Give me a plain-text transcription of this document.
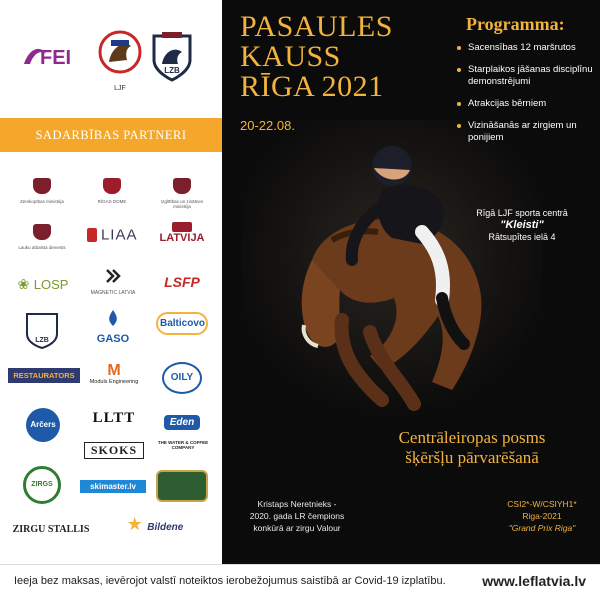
FEI
LJF
LZB
SADARBĪBAS PARTNERI
Zemkopības ministrija	RĪGAS DOME	Izglītības un zinātnes ministrija
Lauku atbalsta dienests
LIAA	LATVIJA
❀ LOSP
MAGNETIC LATVIA
LSFP
LZB	GASO
Balticovo
RESTAURATORS	M
Moduls Engineering	OILY
Arčers	LLTT	Eden
SKOKS
THE WATER & COFFEE COMPANY
ZIRGS	skimaster.lv
ZIRGU STALLIS ★ Bildene
PASAULES
KAUSS
RĪGA 2021
20-22.08.
Programma:
Sacensības 12 maršrutos
Starplaikos jāšanas disciplīnu demonstrējumi
Atrakcijas bērniem
Vizināšanās ar zirgiem un ponijiem
Rīgā LJF sporta centrā
"Kleisti"
Rātsupītes ielā 4
Centrāleiropas posms
šķēršļu pārvarēšanā
Kristaps Neretnieks -
2020. gada LR čempions
konkūrā ar zirgu Valour
CSI2*-W/CSIYH1*
Riga-2021
"Grand Prix Riga"
Ieeja bez maksas, ievērojot valstī noteiktos ierobežojumus saistībā ar Covid-19 izplatību.	www.leflatvia.lv
